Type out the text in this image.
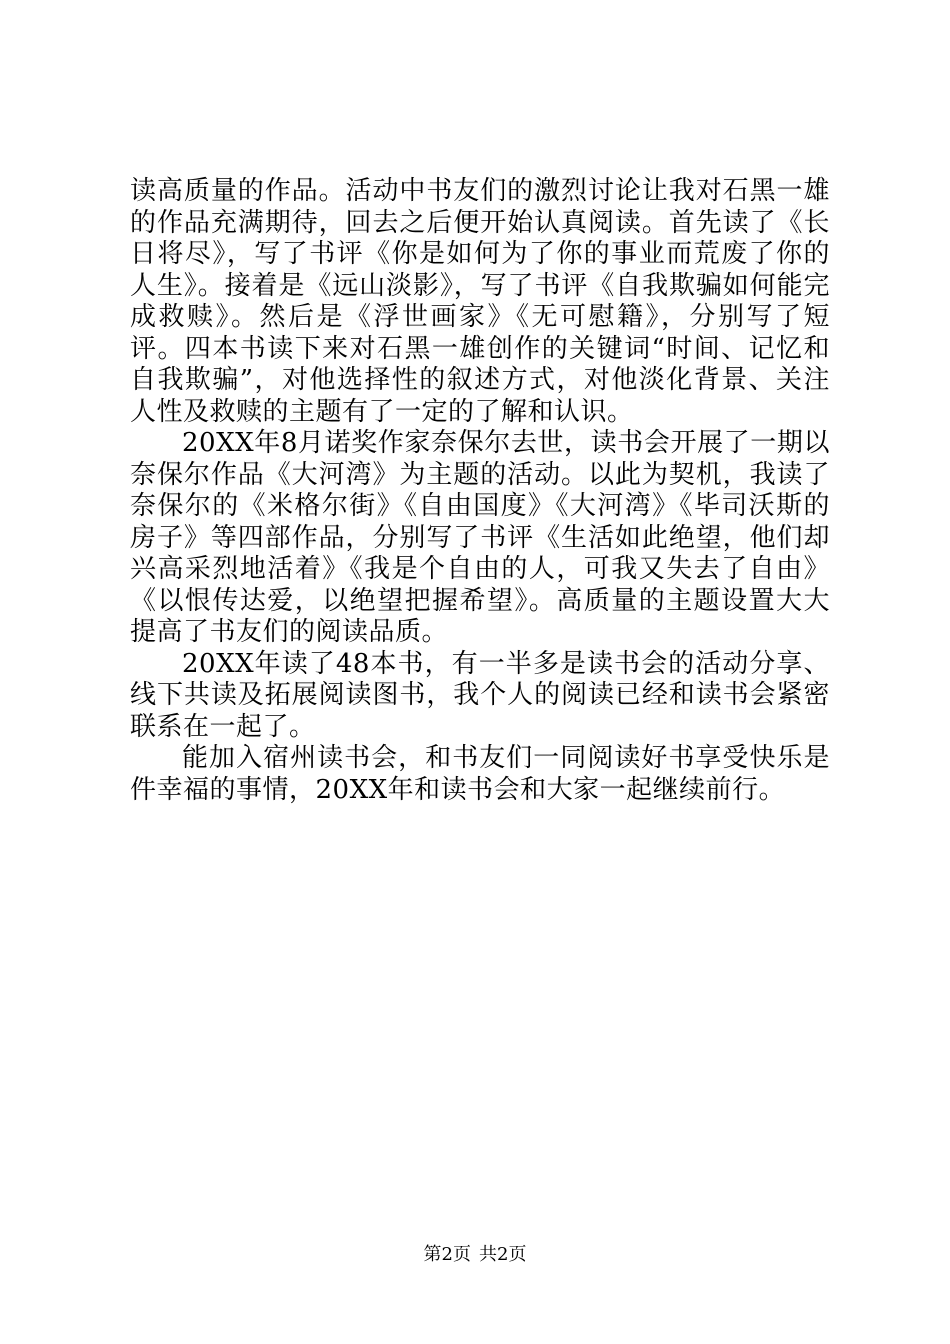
读高质量的作品。活动中书友们的激烈讨论让我对石黑一雄的作品充满期待，回去之后便开始认真阅读。首先读了《长日将尽》，写了书评《你是如何为了你的事业而荒废了你的人生》。接着是《远山淡影》，写了书评《自我欺骗如何能完成救赎》。然后是《浮世画家》《无可慰籍》，分别写了短评。四本书读下来对石黑一雄创作的关键词“时间、记忆和自我欺骗”，对他选择性的叙述方式，对他淡化背景、关注人性及救赎的主题有了一定的了解和认识。

20XX年8月诺奖作家奈保尔去世，读书会开展了一期以奈保尔作品《大河湾》为主题的活动。以此为契机，我读了奈保尔的《米格尔街》《自由国度》《大河湾》《毕司沃斯的房子》等四部作品，分别写了书评《生活如此绝望，他们却兴高采烈地活着》《我是个自由的人，可我又失去了自由》《以恨传达爱，以绝望把握希望》。高质量的主题设置大大提高了书友们的阅读品质。

20XX年读了48本书，有一半多是读书会的活动分享、线下共读及拓展阅读图书，我个人的阅读已经和读书会紧密联系在一起了。

能加入宿州读书会，和书友们一同阅读好书享受快乐是件幸福的事情，20XX年和读书会和大家一起继续前行。

第2页 共2页
